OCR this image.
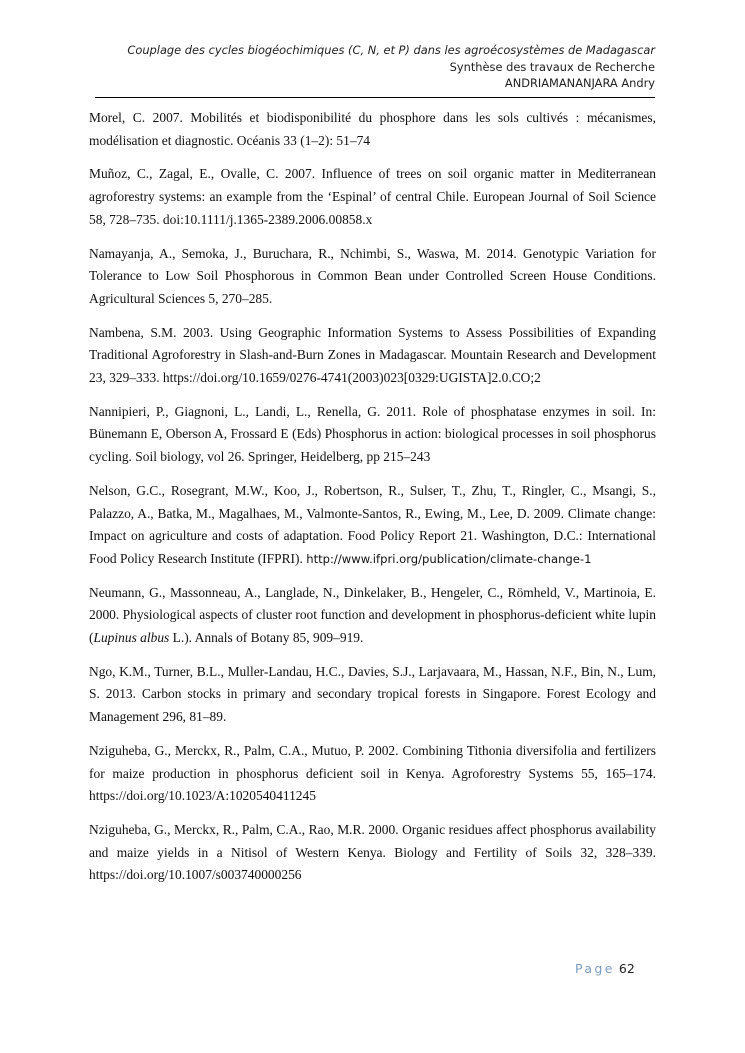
Couplage des cycles biogéochimiques (C, N, et P) dans les agroécosystèmes de Madagascar
Synthèse des travaux de Recherche
ANDRIAMANANJARA Andry

Morel, C. 2007. Mobilités et biodisponibilité du phosphore dans les sols cultivés : mécanismes, modélisation et diagnostic. Océanis 33 (1–2): 51–74

Muñoz, C., Zagal, E., Ovalle, C. 2007. Influence of trees on soil organic matter in Mediterranean agroforestry systems: an example from the ‘Espinal’ of central Chile. European Journal of Soil Science 58, 728–735. doi:10.1111/j.1365-2389.2006.00858.x

Namayanja, A., Semoka, J., Buruchara, R., Nchimbi, S., Waswa, M. 2014. Genotypic Variation for Tolerance to Low Soil Phosphorous in Common Bean under Controlled Screen House Conditions. Agricultural Sciences 5, 270–285.

Nambena, S.M. 2003. Using Geographic Information Systems to Assess Possibilities of Expanding Traditional Agroforestry in Slash-and-Burn Zones in Madagascar. Mountain Research and Development 23, 329–333. https://doi.org/10.1659/0276-4741(2003)023[0329:UGISTA]2.0.CO;2

Nannipieri, P., Giagnoni, L., Landi, L., Renella, G. 2011. Role of phosphatase enzymes in soil. In: Bünemann E, Oberson A, Frossard E (Eds) Phosphorus in action: biological processes in soil phosphorus cycling. Soil biology, vol 26. Springer, Heidelberg, pp 215–243

Nelson, G.C., Rosegrant, M.W., Koo, J., Robertson, R., Sulser, T., Zhu, T., Ringler, C., Msangi, S., Palazzo, A., Batka, M., Magalhaes, M., Valmonte-Santos, R., Ewing, M., Lee, D. 2009. Climate change: Impact on agriculture and costs of adaptation. Food Policy Report 21. Washington, D.C.: International Food Policy Research Institute (IFPRI). http://www.ifpri.org/publication/climate-change-1

Neumann, G., Massonneau, A., Langlade, N., Dinkelaker, B., Hengeler, C., Römheld, V., Martinoia, E. 2000. Physiological aspects of cluster root function and development in phosphorus-deficient white lupin (Lupinus albus L.). Annals of Botany 85, 909–919.

Ngo, K.M., Turner, B.L., Muller-Landau, H.C., Davies, S.J., Larjavaara, M., Hassan, N.F., Bin, N., Lum, S. 2013. Carbon stocks in primary and secondary tropical forests in Singapore. Forest Ecology and Management 296, 81–89.

Nziguheba, G., Merckx, R., Palm, C.A., Mutuo, P. 2002. Combining Tithonia diversifolia and fertilizers for maize production in phosphorus deficient soil in Kenya. Agroforestry Systems 55, 165–174. https://doi.org/10.1023/A:1020540411245

Nziguheba, G., Merckx, R., Palm, C.A., Rao, M.R. 2000. Organic residues affect phosphorus availability and maize yields in a Nitisol of Western Kenya. Biology and Fertility of Soils 32, 328–339. https://doi.org/10.1007/s003740000256

Page 62
